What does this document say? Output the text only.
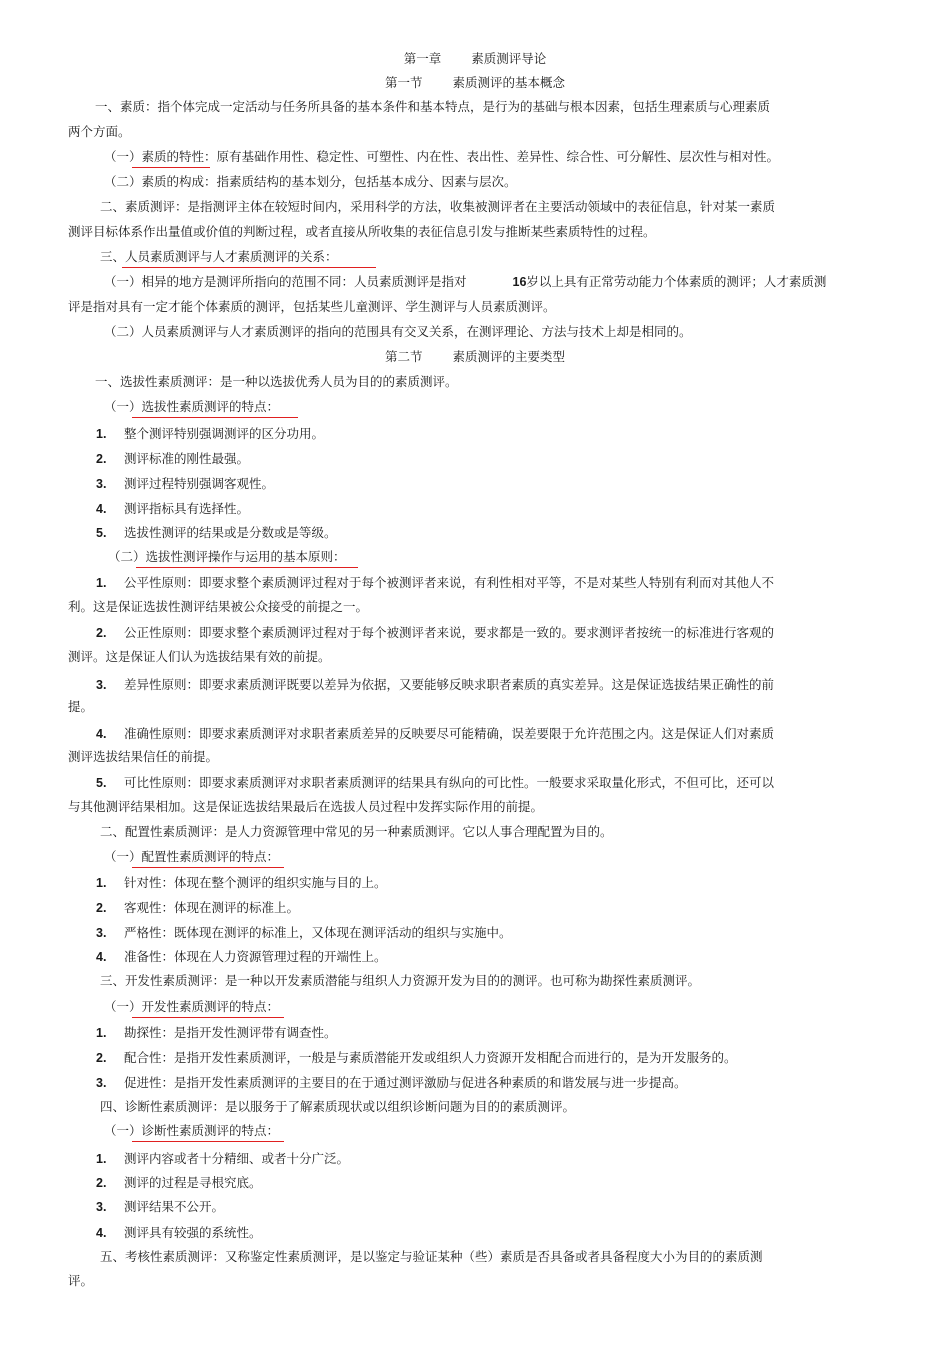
第一章 素质测评导论
第一节 素质测评的基本概念
一、素质：指个体完成一定活动与任务所具备的基本条件和基本特点，是行为的基础与根本因素，包括生理素质与心理素质
两个方面。
（一）素质的特性：原有基础作用性、稳定性、可塑性、内在性、表出性、差异性、综合性、可分解性、层次性与相对性。
（二）素质的构成：指素质结构的基本划分，包括基本成分、因素与层次。
二、素质测评：是指测评主体在较短时间内，采用科学的方法，收集被测评者在主要活动领域中的表征信息，针对某一素质
测评目标体系作出量值或价值的判断过程，或者直接从所收集的表征信息引发与推断某些素质特性的过程。
三、人员素质测评与人才素质测评的关系：
（一）相异的地方是测评所指向的范围不同：人员素质测评是指对	16岁以上具有正常劳动能力个体素质的测评；人才素质测
评是指对具有一定才能个体素质的测评，包括某些儿童测评、学生测评与人员素质测评。
（二）人员素质测评与人才素质测评的指向的范围具有交叉关系，在测评理论、方法与技术上却是相同的。
第二节 素质测评的主要类型
一、选拔性素质测评：是一种以选拔优秀人员为目的的素质测评。
（一）选拔性素质测评的特点：
1. 整个测评特别强调测评的区分功用。
2. 测评标准的刚性最强。
3. 测评过程特别强调客观性。
4. 测评指标具有选择性。
5. 选拔性测评的结果或是分数或是等级。
（二）选拔性测评操作与运用的基本原则：
1. 公平性原则：即要求整个素质测评过程对于每个被测评者来说，有利性相对平等，不是对某些人特别有利而对其他人不
利。这是保证选拔性测评结果被公众接受的前提之一。
2. 公正性原则：即要求整个素质测评过程对于每个被测评者来说，要求都是一致的。要求测评者按统一的标准进行客观的
测评。这是保证人们认为选拔结果有效的前提。
3. 差异性原则：即要求素质测评既要以差异为依据，又要能够反映求职者素质的真实差异。这是保证选拔结果正确性的前
提。
4. 准确性原则：即要求素质测评对求职者素质差异的反映要尽可能精确，误差要限于允许范围之内。这是保证人们对素质
测评选拔结果信任的前提。
5. 可比性原则：即要求素质测评对求职者素质测评的结果具有纵向的可比性。一般要求采取量化形式，不但可比，还可以
与其他测评结果相加。这是保证选拔结果最后在选拔人员过程中发挥实际作用的前提。
二、配置性素质测评：是人力资源管理中常见的另一种素质测评。它以人事合理配置为目的。
（一）配置性素质测评的特点：
1. 针对性：体现在整个测评的组织实施与目的上。
2. 客观性：体现在测评的标准上。
3. 严格性：既体现在测评的标准上，又体现在测评活动的组织与实施中。
4. 准备性：体现在人力资源管理过程的开端性上。
三、开发性素质测评：是一种以开发素质潜能与组织人力资源开发为目的的测评。也可称为勘探性素质测评。
（一）开发性素质测评的特点：
1. 勘探性：是指开发性测评带有调查性。
2. 配合性：是指开发性素质测评，一般是与素质潜能开发或组织人力资源开发相配合而进行的，是为开发服务的。
3. 促进性：是指开发性素质测评的主要目的在于通过测评激励与促进各种素质的和谐发展与进一步提高。
四、诊断性素质测评：是以服务于了解素质现状或以组织诊断问题为目的的素质测评。
（一）诊断性素质测评的特点：
1. 测评内容或者十分精细、或者十分广泛。
2. 测评的过程是寻根究底。
3. 测评结果不公开。
4. 测评具有较强的系统性。
五、考核性素质测评：又称鉴定性素质测评，是以鉴定与验证某种（些）素质是否具备或者具备程度大小为目的的素质测
评。
